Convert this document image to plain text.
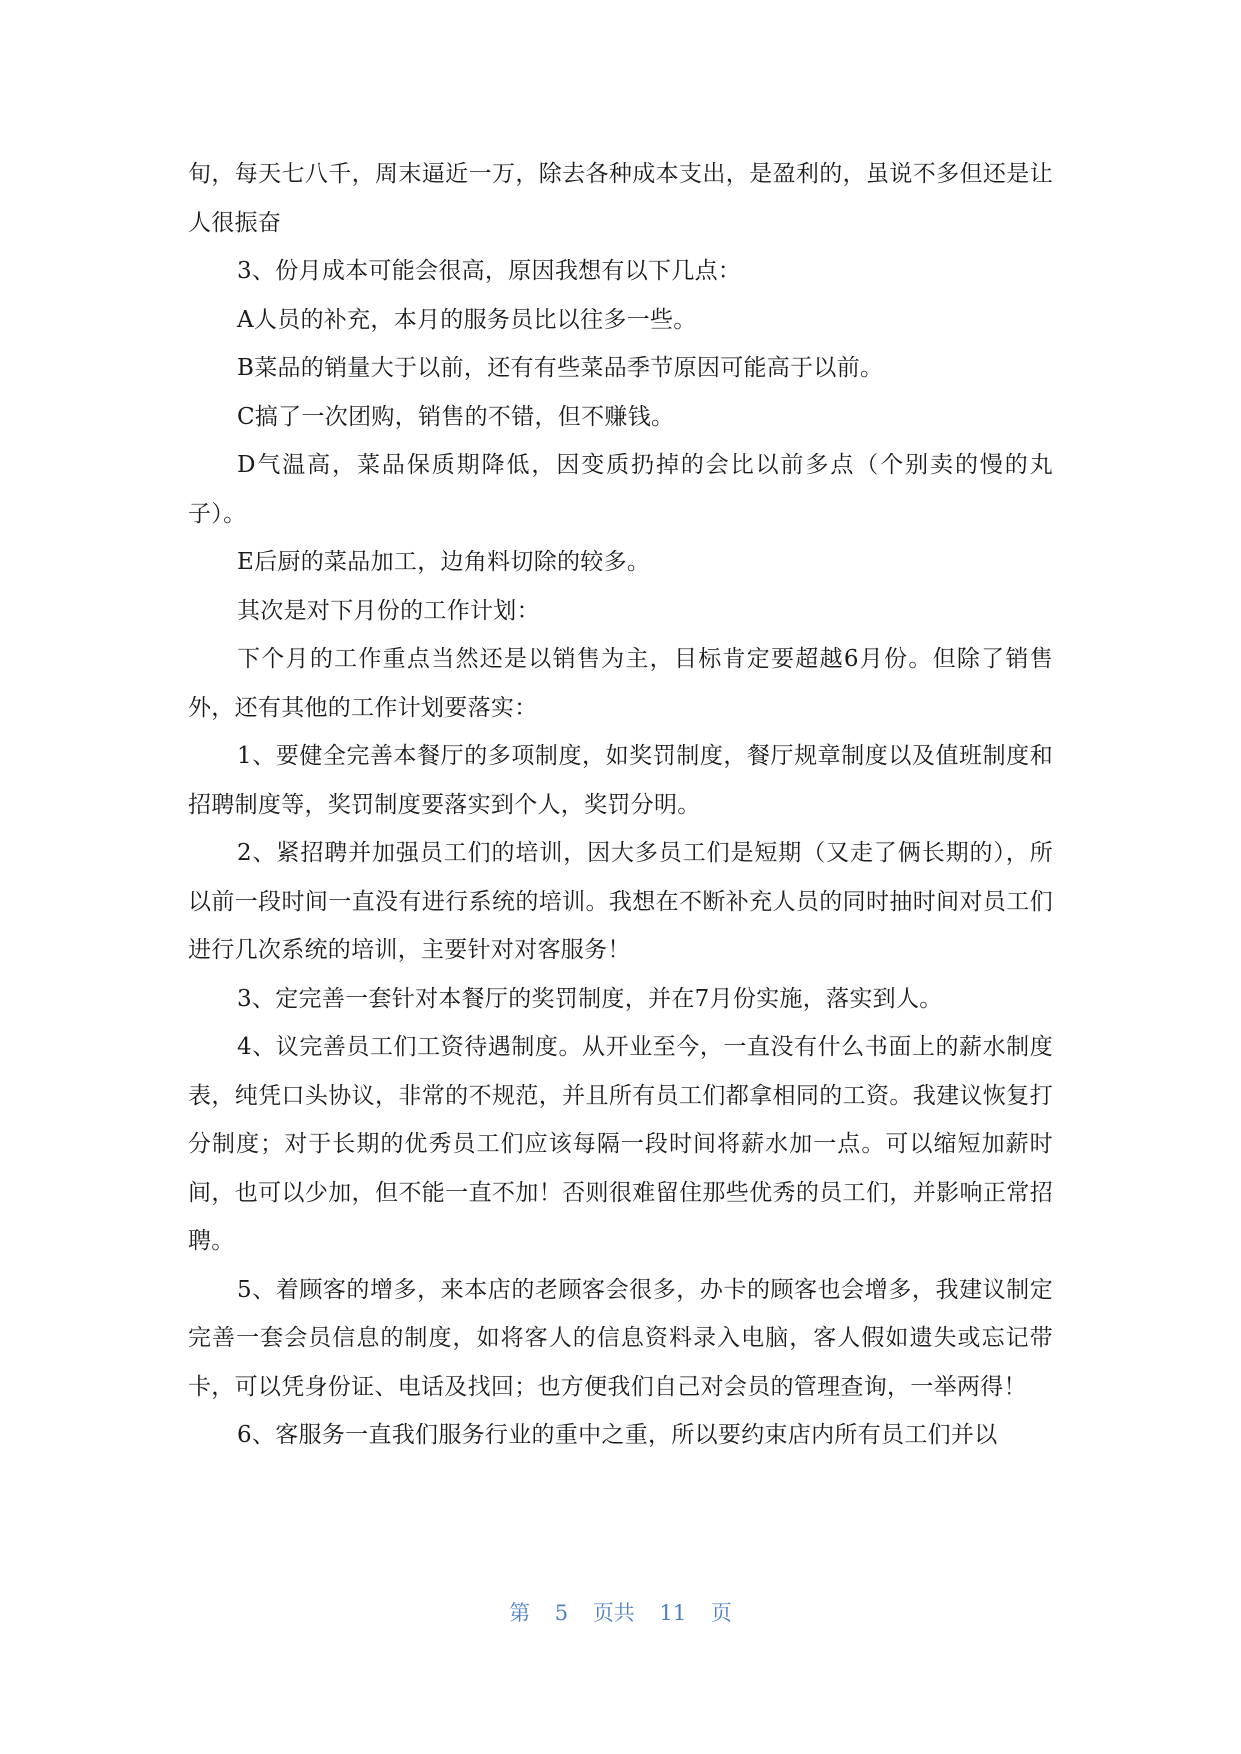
旬，每天七八千，周末逼近一万，除去各种成本支出，是盈利的，虽说不多但还是让人很振奋

3、份月成本可能会很高，原因我想有以下几点：

A人员的补充，本月的服务员比以往多一些。

B菜品的销量大于以前，还有有些菜品季节原因可能高于以前。

C搞了一次团购，销售的不错，但不赚钱。

D气温高，菜品保质期降低，因变质扔掉的会比以前多点（个别卖的慢的丸子）。

E后厨的菜品加工，边角料切除的较多。

其次是对下月份的工作计划：

下个月的工作重点当然还是以销售为主，目标肯定要超越6月份。但除了销售外，还有其他的工作计划要落实：

1、要健全完善本餐厅的多项制度，如奖罚制度，餐厅规章制度以及值班制度和招聘制度等，奖罚制度要落实到个人，奖罚分明。

2、紧招聘并加强员工们的培训，因大多员工们是短期（又走了俩长期的），所以前一段时间一直没有进行系统的培训。我想在不断补充人员的同时抽时间对员工们进行几次系统的培训，主要针对对客服务！

3、定完善一套针对本餐厅的奖罚制度，并在7月份实施，落实到人。

4、议完善员工们工资待遇制度。从开业至今，一直没有什么书面上的薪水制度表，纯凭口头协议，非常的不规范，并且所有员工们都拿相同的工资。我建议恢复打分制度；对于长期的优秀员工们应该每隔一段时间将薪水加一点。可以缩短加薪时间，也可以少加，但不能一直不加！否则很难留住那些优秀的员工们，并影响正常招聘。

5、着顾客的增多，来本店的老顾客会很多，办卡的顾客也会增多，我建议制定完善一套会员信息的制度，如将客人的信息资料录入电脑，客人假如遗失或忘记带卡，可以凭身份证、电话及找回；也方便我们自己对会员的管理查询，一举两得！

6、客服务一直我们服务行业的重中之重，所以要约束店内所有员工们并以

第 5 页共 11 页
